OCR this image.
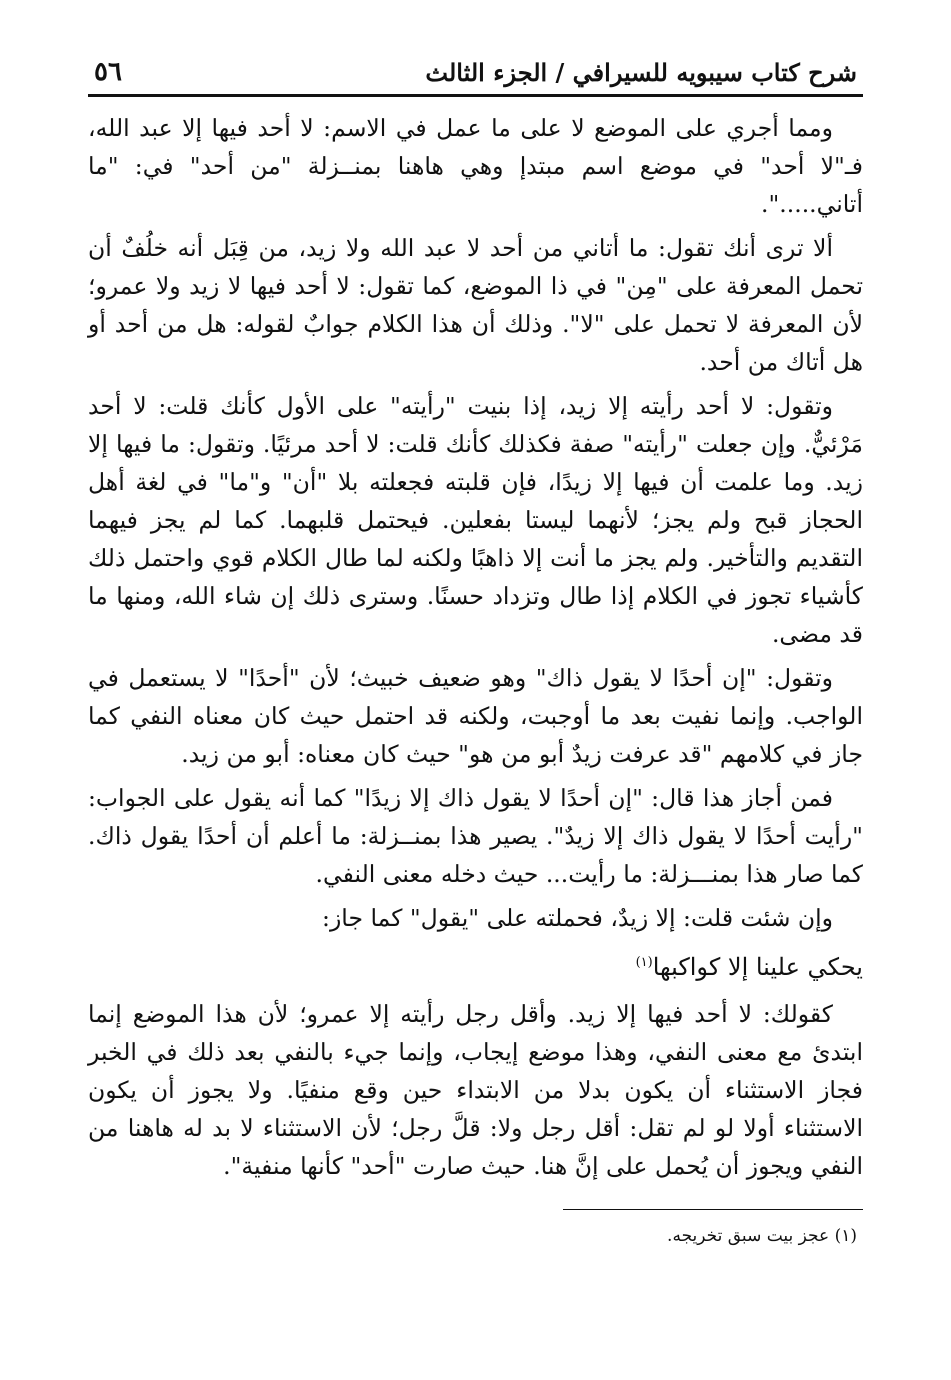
شرح كتاب سيبويه للسيرافي / الجزء الثالث
٥٦

ومما أجري على الموضع لا على ما عمل في الاسم: لا أحد فيها إلا عبد الله، فـ"لا أحد" في موضع اسم مبتدإ وهي هاهنا بمنــزلة "من أحد" في: "ما أتاني.....".

ألا ترى أنك تقول: ما أتاني من أحد لا عبد الله ولا زيد، من قِبَل أنه خلُفٌ أن تحمل المعرفة على "مِن" في ذا الموضع، كما تقول: لا أحد فيها لا زيد ولا عمرو؛ لأن المعرفة لا تحمل على "لا". وذلك أن هذا الكلام جوابٌ لقوله: هل من أحد أو هل أتاك من أحد.

وتقول: لا أحد رأيته إلا زيد، إذا بنيت "رأيته" على الأول كأنك قلت: لا أحد مَرْئيٌّ. وإن جعلت "رأيته" صفة فكذلك كأنك قلت: لا أحد مرئيًا. وتقول: ما فيها إلا زيد. وما علمت أن فيها إلا زيدًا، فإن قلبته فجعلته بلا "أن" و"ما" في لغة أهل الحجاز قبح ولم يجز؛ لأنهما ليستا بفعلين. فيحتمل قلبهما. كما لم يجز فيهما التقديم والتأخير. ولم يجز ما أنت إلا ذاهبًا ولكنه لما طال الكلام قوي واحتمل ذلك كأشياء تجوز في الكلام إذا طال وتزداد حسنًا. وسترى ذلك إن شاء الله، ومنها ما قد مضى.

وتقول: "إن أحدًا لا يقول ذاك" وهو ضعيف خبيث؛ لأن "أحدًا" لا يستعمل في الواجب. وإنما نفيت بعد ما أوجبت، ولكنه قد احتمل حيث كان معناه النفي كما جاز في كلامهم "قد عرفت زيدٌ أبو من هو" حيث كان معناه: أبو من زيد.

فمن أجاز هذا قال: "إن أحدًا لا يقول ذاك إلا زيدًا" كما أنه يقول على الجواب: "رأيت أحدًا لا يقول ذاك إلا زيدٌ". يصير هذا بمنــزلة: ما أعلم أن أحدًا يقول ذاك. كما صار هذا بمنـــزلة: ما رأيت... حيث دخله معنى النفي.

وإن شئت قلت: إلا زيدٌ، فحملته على "يقول" كما جاز:

يحكي علينا إلا كواكبها$^{(١)}$

كقولك: لا أحد فيها إلا زيد. وأقل رجل رأيته إلا عمرو؛ لأن هذا الموضع إنما ابتدئ مع معنى النفي، وهذا موضع إيجاب، وإنما جيء بالنفي بعد ذلك في الخبر فجاز الاستثناء أن يكون بدلا من الابتداء حين وقع منفيًا. ولا يجوز أن يكون الاستثناء أولا لو لم تقل: أقل رجل ولا: قلَّ رجل؛ لأن الاستثناء لا بد له هاهنا من النفي ويجوز أن يُحمل على إنَّ هنا. حيث صارت "أحد" كأنها منفية".

(١) عجز بيت سبق تخريجه.
